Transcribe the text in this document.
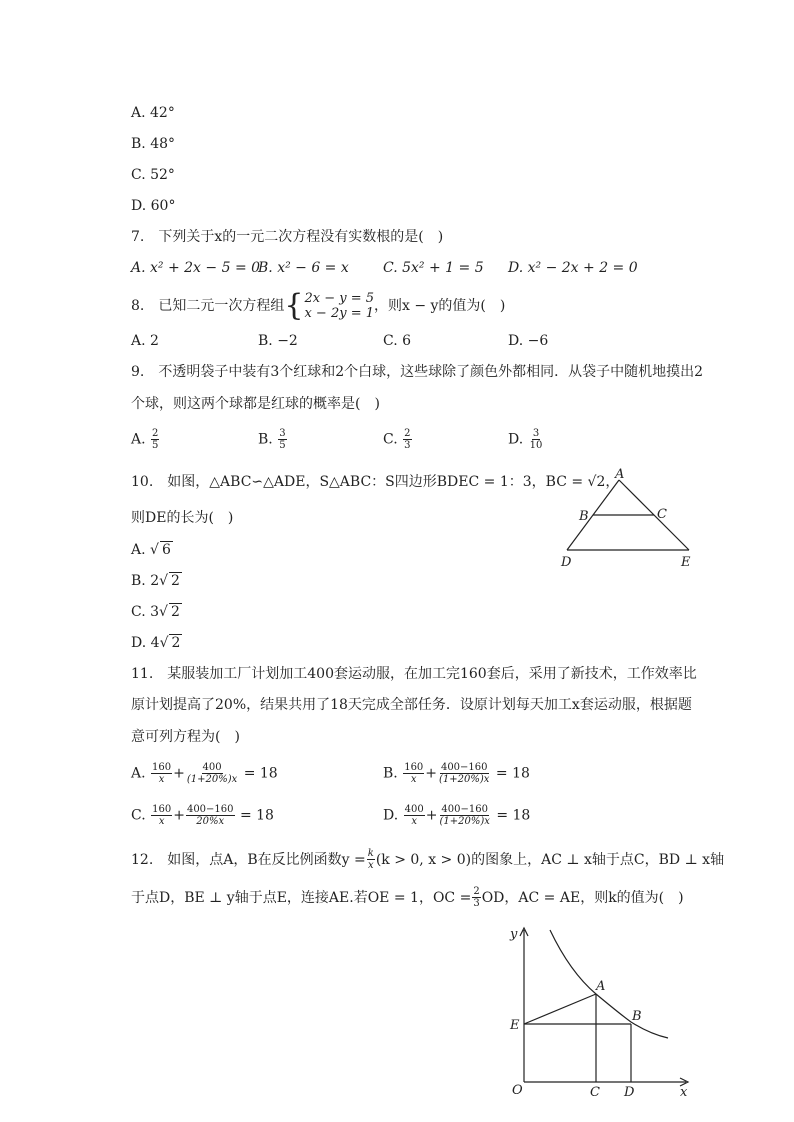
A. 42°
B. 48°
C. 52°
D. 60°
7.　下列关于x的一元二次方程没有实数根的是(　)
A. x² + 2x − 5 = 0
B. x² − 6 = x C. 5x² + 1 = 5 D. x² − 2x + 2 = 0
8.　已知二元一次方程组 { 2x − y = 5
x − 2y = 1 ，则x − y的值为(　)
A. 2	B. −2	C. 6	D. −6
9.　不透明袋子中装有3个红球和2个白球，这些球除了颜色外都相同．从袋子中随机地摸出2
个球，则这两个球都是红球的概率是(　)
A. $\frac{2}{5}$	B. $\frac{3}{5}$	C. $\frac{2}{3}$	D. $\frac{3}{10}$
10.　如图，△ABC∽△ADE，S△ABC：S四边形BDEC = 1：3，BC = √2，
则DE的长为(　)
A. √ 6
B. 2√ 2
C. 3√ 2
D. 4√ 2
A
B	C
D	E
11.　某服装加工厂计划加工400套运动服，在加工完160套后，采用了新技术，工作效率比
原计划提高了20%，结果共用了18天完成全部任务．设原计划每天加工x套运动服，根据题
意可列方程为(　)
A. $\frac{160}{x} + \frac{400}{(1+20\%)x} = 18$	B. $\frac{160}{x} + \frac{400-160}{(1+20\%)x} = 18$
C. $\frac{160}{x} + \frac{400-160}{20\%x} = 18$	D. $\frac{400}{x} + \frac{400-160}{(1+20\%)x} = 18$
12.　如图，点A，B在反比例函数$y = \frac{k}{x} (k > 0$, x > 0)的图象上，AC ⊥ x轴于点C，BD ⊥ x轴
于点D，BE ⊥ y轴于点E，连接AE.若OE = 1，OC = $\frac{2}{3}$ OD，AC = AE，则k的值为(　)
y
x
O
A
B
C D
E
